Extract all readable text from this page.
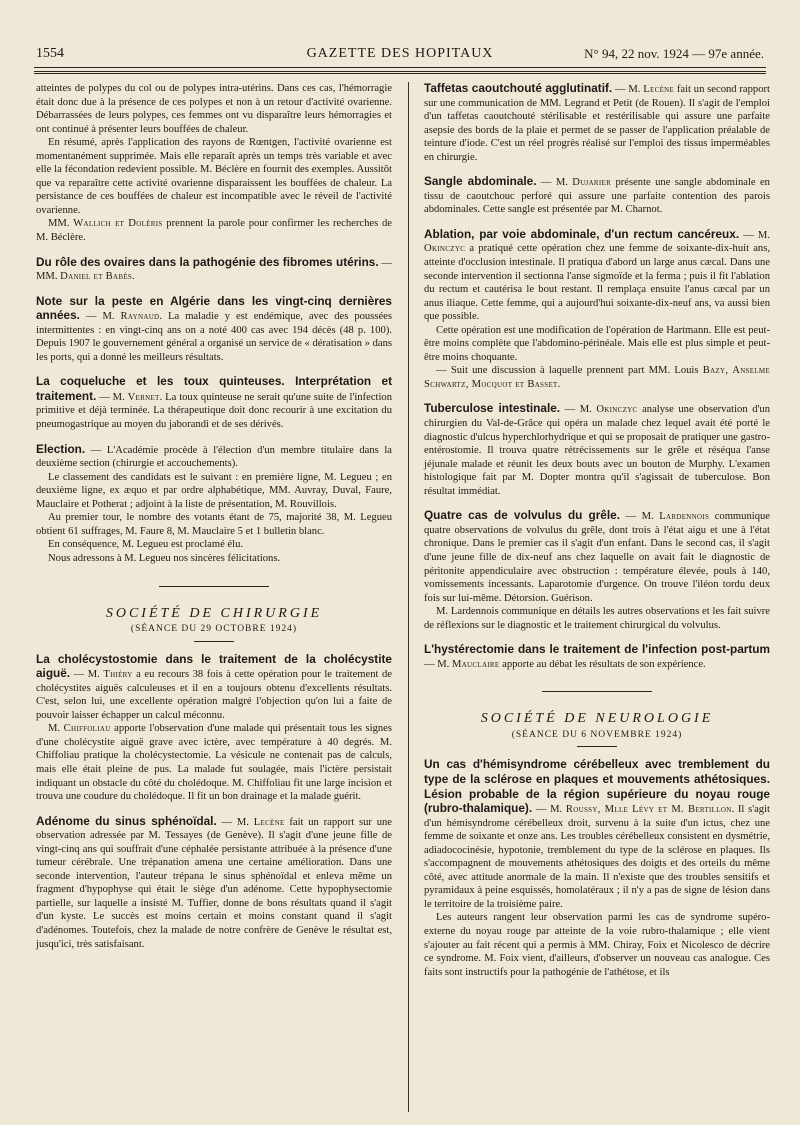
1554	GAZETTE DES HOPITAUX	N° 94, 22 nov. 1924 — 97e année.

atteintes de polypes du col ou de polypes intra-utérins. Dans ces cas, l'hémorragie était donc due à la présence de ces polypes et non à un retour d'activité ovarienne. Débarrassées de leurs polypes, ces femmes ont vu disparaître leurs hémorragies et ont continué à présenter leurs bouffées de chaleur.

En résumé, après l'application des rayons de Rœntgen, l'activité ovarienne est momentanément supprimée. Mais elle reparaît après un temps très variable et avec elle la fécondation redevient possible. M. Béclère en fournit des exemples. Aussitôt que va reparaître cette activité ovarienne disparaissent les bouffées de chaleur. La persistance de ces bouffées de chaleur est incompatible avec le réveil de l'activité ovarienne.

MM. Wallich et Doléris prennent la parole pour confirmer les recherches de M. Béclère.

Du rôle des ovaires dans la pathogénie des fibromes utérins. — MM. Daniel et Babès.

Note sur la peste en Algérie dans les vingt-cinq dernières années. — M. Raynaud. La maladie y est endémique, avec des poussées intermittentes : en vingt-cinq ans on a noté 400 cas avec 194 décès (48 p. 100). Depuis 1907 le gouvernement général a organisé un service de « dératisation » dans les ports, qui a donné les meilleurs résultats.

La coqueluche et les toux quinteuses. Interprétation et traitement. — M. Vernet. La toux quinteuse ne serait qu'une suite de l'infection primitive et déjà terminée. La thérapeutique doit donc recourir à une excitation du pneumogastrique au moyen du jaborandi et de ses dérivés.

Election. — L'Académie procède à l'élection d'un membre titulaire dans la deuxième section (chirurgie et accouchements).

Le classement des candidats est le suivant : en première ligne, M. Legueu ; en deuxième ligne, ex æquo et par ordre alphabétique, MM. Auvray, Duval, Faure, Mauclaire et Potherat ; adjoint à la liste de présentation, M. Rouvillois.

Au premier tour, le nombre des votants étant de 75, majorité 38, M. Legueu obtient 61 suffrages, M. Faure 8, M. Mauclaire 5 et 1 bulletin blanc.

En conséquence, M. Legueu est proclamé élu.

Nous adressons à M. Legueu nos sincères félicitations.

SOCIÉTÉ DE CHIRURGIE

(SÉANCE DU 29 OCTOBRE 1924)

La cholécystostomie dans le traitement de la cholécystite aiguë. — M. Thiéry a eu recours 38 fois à cette opération pour le traitement de cholécystites aiguës calculeuses et il en a toujours obtenu d'excellents résultats. C'est, selon lui, une excellente opération malgré l'objection qu'on lui a faite de pouvoir laisser échapper un calcul méconnu.

M. Chiffoliau apporte l'observation d'une malade qui présentait tous les signes d'une cholécystite aiguë grave avec ictère, avec température à 40 degrés. M. Chiffoliau pratique la cholécystectomie. La vésicule ne contenait pas de calculs, mais elle était pleine de pus. La malade fut soulagée, mais l'ictère persistait indiquant un obstacle du côté du cholédoque. M. Chiffoliau fit une large incision et trouva une coudure du cholédoque. Il fit un bon drainage et la malade guérit.

Adénome du sinus sphénoïdal. — M. Lecène fait un rapport sur une observation adressée par M. Tessayes (de Genève). Il s'agit d'une jeune fille de vingt-cinq ans qui souffrait d'une céphalée persistante attribuée à la présence d'une tumeur cérébrale. Une trépanation amena une certaine amélioration. Dans une seconde intervention, l'auteur trépana le sinus sphénoïdal et enleva même un fragment d'hypophyse qui était le siège d'un adénome. Cette hypophysectomie partielle, sur laquelle a insisté M. Tuffier, donne de bons résultats quand il s'agit d'un kyste. Le succès est moins certain et moins constant quand il s'agit d'adénomes. Toutefois, chez la malade de notre confrère de Genève le résultat est, jusqu'ici, très satisfaisant.

Taffetas caoutchouté agglutinatif. — M. Lecène fait un second rapport sur une communication de MM. Legrand et Petit (de Rouen). Il s'agit de l'emploi d'un taffetas caoutchouté stérilisable et restérilisable qui assure une parfaite asepsie des bords de la plaie et permet de se passer de l'application préalable de teinture d'iode. C'est un réel progrès réalisé sur l'emploi des tissus imperméables en chirurgie.

Sangle abdominale. — M. Dujarier présente une sangle abdominale en tissu de caoutchouc perforé qui assure une parfaite contention des parois abdominales. Cette sangle est présentée par M. Charnot.

Ablation, par voie abdominale, d'un rectum cancéreux. — M. Okinczyc a pratiqué cette opération chez une femme de soixante-dix-huit ans, atteinte d'occlusion intestinale. Il pratiqua d'abord un large anus cæcal. Dans une seconde intervention il sectionna l'anse sigmoïde et la ferma ; puis il fit l'ablation du rectum et cautérisa le bout restant. Il remplaça ensuite l'anus cæcal par un anus iliaque. Cette femme, qui a aujourd'hui soixante-dix-neuf ans, va aussi bien que possible.

Cette opération est une modification de l'opération de Hartmann. Elle est peut-être moins complète que l'abdomino-périnéale. Mais elle est plus simple et peut-être moins choquante.

— Suit une discussion à laquelle prennent part MM. Louis Bazy, Anselme Schwartz, Mocquot et Basset.

Tuberculose intestinale. — M. Okinczyc analyse une observation d'un chirurgien du Val-de-Grâce qui opéra un malade chez lequel avait été porté le diagnostic d'ulcus hyperchlorhydrique et qui se proposait de pratiquer une gastro-entérostomie. Il trouva quatre rétrécissements sur le grêle et réséqua l'anse jéjunale malade et réunit les deux bouts avec un bouton de Murphy. L'examen histologique fait par M. Dopter montra qu'il s'agissait de tuberculose. Bon résultat immédiat.

Quatre cas de volvulus du grêle. — M. Lardennois communique quatre observations de volvulus du grêle, dont trois à l'état aigu et une à l'état chronique. Dans le premier cas il s'agit d'un enfant. Dans le second cas, il s'agit d'une jeune fille de dix-neuf ans chez laquelle on avait fait le diagnostic de péritonite appendiculaire avec obstruction : température élevée, pouls à 140, vomissements incessants. Laparotomie d'urgence. On trouve l'iléon tordu deux fois sur lui-même. Détorsion. Guérison.

M. Lardennois communique en détails les autres observations et les fait suivre de réflexions sur le diagnostic et le traitement chirurgical du volvulus.

L'hystérectomie dans le traitement de l'infection post-partum — M. Mauclaire apporte au débat les résultats de son expérience.

SOCIÉTÉ DE NEUROLOGIE

(SÉANCE DU 6 NOVEMBRE 1924)

Un cas d'hémisyndrome cérébelleux avec tremblement du type de la sclérose en plaques et mouvements athétosiques. Lésion probable de la région supérieure du noyau rouge (rubro-thalamique). — M. Roussy, Mlle Lévy et M. Bertillon. Il s'agit d'un hémisyndrome cérébelleux droit, survenu à la suite d'un ictus, chez une femme de soixante et onze ans. Les troubles cérébelleux consistent en dysmétrie, adiadococinésie, hypotonie, tremblement du type de la sclérose en plaques. Ils s'accompagnent de mouvements athétosiques des doigts et des orteils du même côté, avec attitude anormale de la main. Il n'existe que des troubles sensitifs et pyramidaux à peine esquissés, homolatéraux ; il n'y a pas de signe de lésion dans le territoire de la troisième paire.

Les auteurs rangent leur observation parmi les cas de syndrome supéro-externe du noyau rouge par atteinte de la voie rubro-thalamique ; elle vient s'ajouter au fait récent qui a permis à MM. Chiray, Foix et Nicolesco de décrire ce syndrome. M. Foix vient, d'ailleurs, d'observer un nouveau cas analogue. Ces faits sont instructifs pour la pathogénie de l'athétose, et ils
